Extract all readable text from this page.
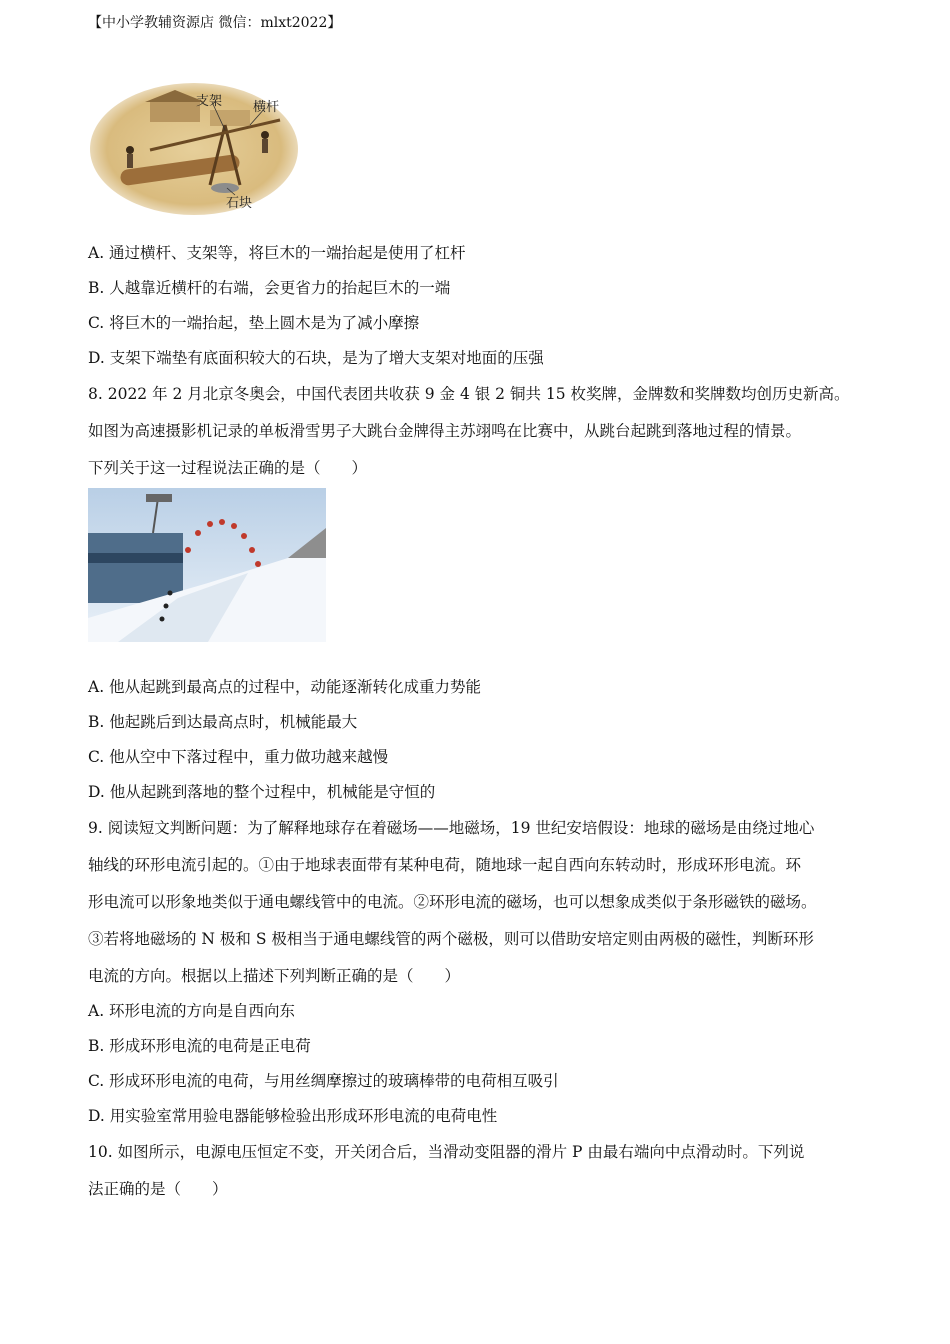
【中小学教辅资源店 微信：mlxt2022】
支架 横杆
石块
A. 通过横杆、支架等，将巨木的一端抬起是使用了杠杆
B. 人越靠近横杆的右端，会更省力的抬起巨木的一端
C. 将巨木的一端抬起，垫上圆木是为了减小摩擦
D. 支架下端垫有底面积较大的石块，是为了增大支架对地面的压强
8. 2022 年 2 月北京冬奥会，中国代表团共收获 9 金 4 银 2 铜共 15 枚奖牌，金牌数和奖牌数均创历史新高。
如图为高速摄影机记录的单板滑雪男子大跳台金牌得主苏翊鸣在比赛中，从跳台起跳到落地过程的情景。
下列关于这一过程说法正确的是（　　）
A. 他从起跳到最高点的过程中，动能逐渐转化成重力势能
B. 他起跳后到达最高点时，机械能最大
C. 他从空中下落过程中，重力做功越来越慢
D. 他从起跳到落地的整个过程中，机械能是守恒的
9. 阅读短文判断问题：为了解释地球存在着磁场——地磁场，19 世纪安培假设：地球的磁场是由绕过地心
轴线的环形电流引起的。①由于地球表面带有某种电荷，随地球一起自西向东转动时，形成环形电流。环
形电流可以形象地类似于通电螺线管中的电流。②环形电流的磁场，也可以想象成类似于条形磁铁的磁场。
③若将地磁场的 N 极和 S 极相当于通电螺线管的两个磁极，则可以借助安培定则由两极的磁性，判断环形
电流的方向。根据以上描述下列判断正确的是（　　）
A. 环形电流的方向是自西向东
B. 形成环形电流的电荷是正电荷
C. 形成环形电流的电荷，与用丝绸摩擦过的玻璃棒带的电荷相互吸引
D. 用实验室常用验电器能够检验出形成环形电流的电荷电性
10. 如图所示，电源电压恒定不变，开关闭合后，当滑动变阻器的滑片 P 由最右端向中点滑动时。下列说
法正确的是（　　）
